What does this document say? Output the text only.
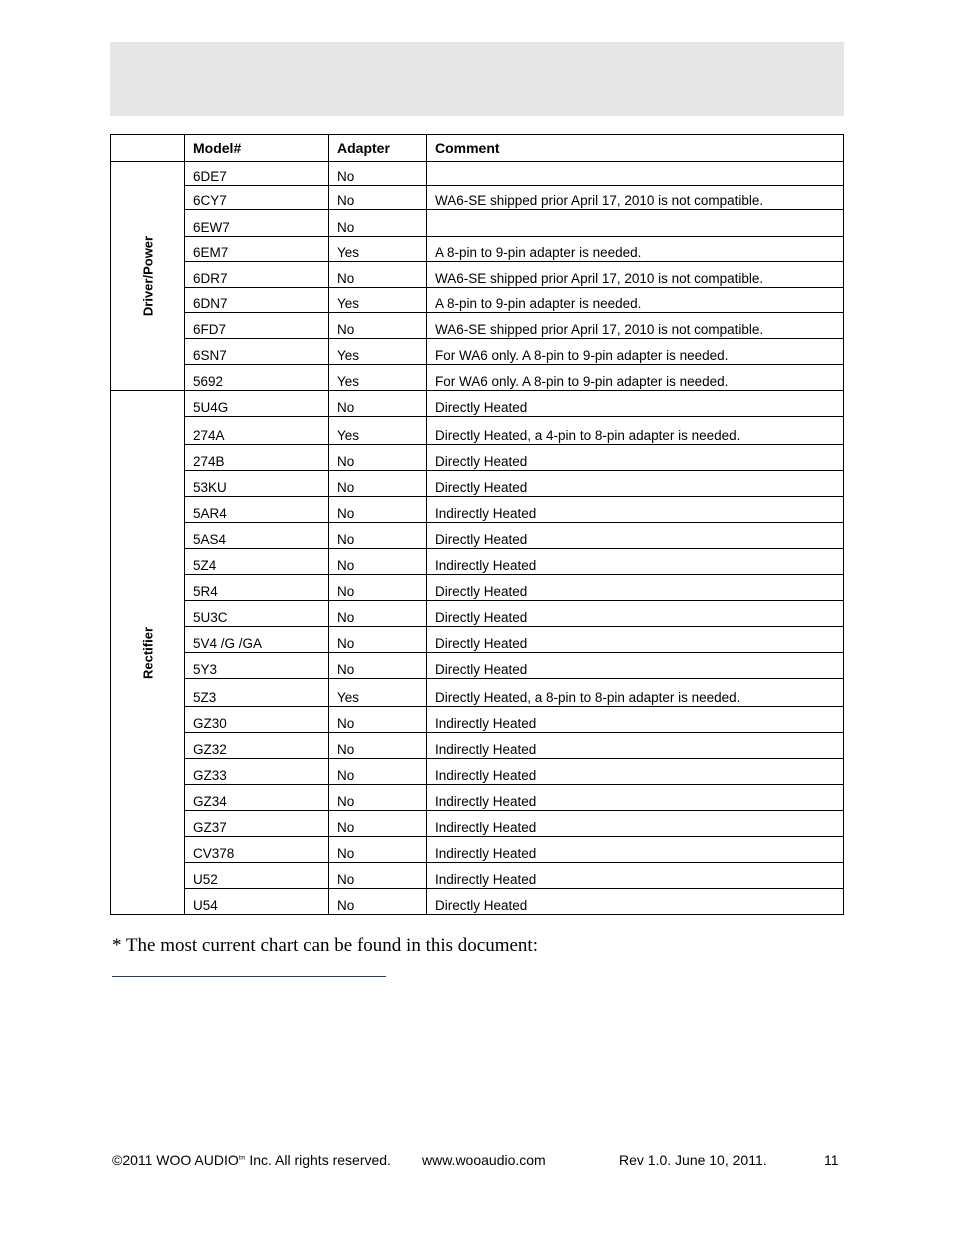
	Model#	Adapter	Comment

Driver/Power	6DE7	No	
	6CY7	No	WA6-SE shipped prior April 17, 2010 is not compatible.
	6EW7	No	
	6EM7	Yes	A 8-pin to 9-pin adapter is needed.
	6DR7	No	WA6-SE shipped prior April 17, 2010 is not compatible.
	6DN7	Yes	A 8-pin to 9-pin adapter is needed.
	6FD7	No	WA6-SE shipped prior April 17, 2010 is not compatible.
	6SN7	Yes	For WA6 only. A 8-pin to 9-pin adapter is needed.
	5692	Yes	For WA6 only. A 8-pin to 9-pin adapter is needed.

Rectifier	5U4G	No	Directly Heated
	274A	Yes	Directly Heated, a 4-pin to 8-pin adapter is needed.
	274B	No	Directly Heated
	53KU	No	Directly Heated
	5AR4	No	Indirectly Heated
	5AS4	No	Directly Heated
	5Z4	No	Indirectly Heated
	5R4	No	Directly Heated
	5U3C	No	Directly Heated
	5V4 /G /GA	No	Directly Heated
	5Y3	No	Directly Heated
	5Z3	Yes	Directly Heated, a 8-pin to 8-pin adapter is needed.
	GZ30	No	Indirectly Heated
	GZ32	No	Indirectly Heated
	GZ33	No	Indirectly Heated
	GZ34	No	Indirectly Heated
	GZ37	No	Indirectly Heated
	CV378	No	Indirectly Heated
	U52	No	Indirectly Heated
	U54	No	Directly Heated
* The most current chart can be found in this document:
©2011 WOO $AUDIO^{tm}$ Inc. All rights reserved. www.wooaudio.com	Rev 1.0. June 10, 2011.	11
